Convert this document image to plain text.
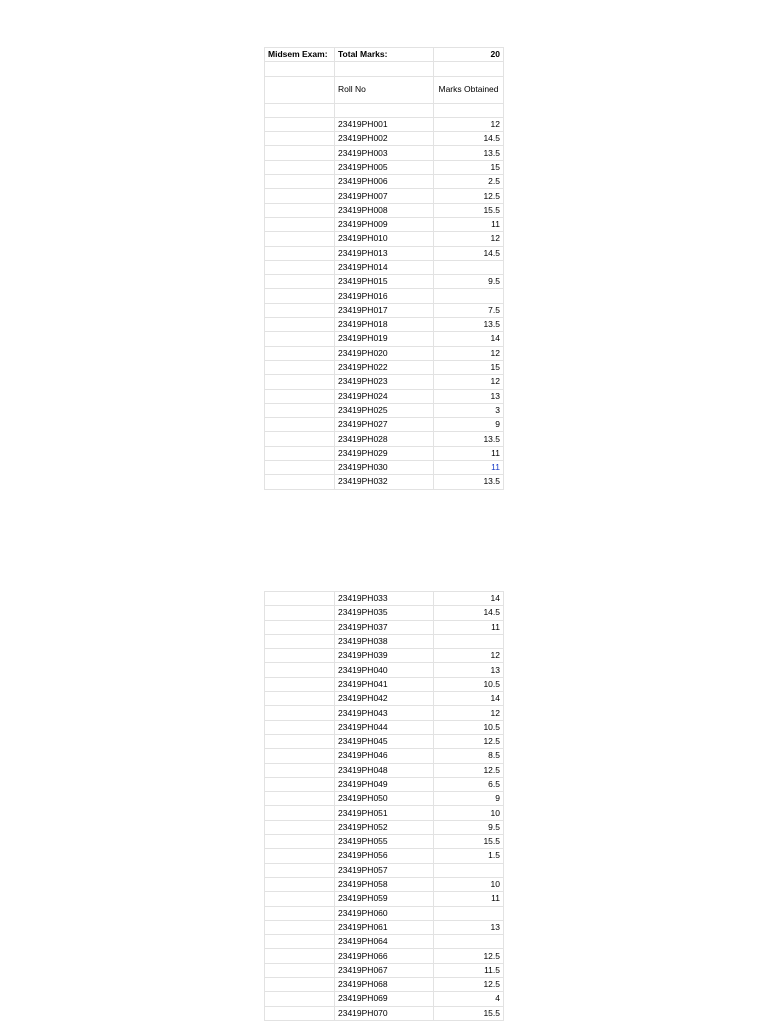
Midsem Exam:	Total Marks:	20

	Roll No	Marks Obtained

	23419PH001	12
	23419PH002	14.5
	23419PH003	13.5
	23419PH005	15
	23419PH006	2.5
	23419PH007	12.5
	23419PH008	15.5
	23419PH009	11
	23419PH010	12
	23419PH013	14.5
	23419PH014	
	23419PH015	9.5
	23419PH016	
	23419PH017	7.5
	23419PH018	13.5
	23419PH019	14
	23419PH020	12
	23419PH022	15
	23419PH023	12
	23419PH024	13
	23419PH025	3
	23419PH027	9
	23419PH028	13.5
	23419PH029	11
	23419PH030	11
	23419PH032	13.5
	23419PH033	14
	23419PH035	14.5
	23419PH037	11
	23419PH038	
	23419PH039	12
	23419PH040	13
	23419PH041	10.5
	23419PH042	14
	23419PH043	12
	23419PH044	10.5
	23419PH045	12.5
	23419PH046	8.5
	23419PH048	12.5
	23419PH049	6.5
	23419PH050	9
	23419PH051	10
	23419PH052	9.5
	23419PH055	15.5
	23419PH056	1.5
	23419PH057	
	23419PH058	10
	23419PH059	11
	23419PH060	
	23419PH061	13
	23419PH064	
	23419PH066	12.5
	23419PH067	11.5
	23419PH068	12.5
	23419PH069	4
	23419PH070	15.5
